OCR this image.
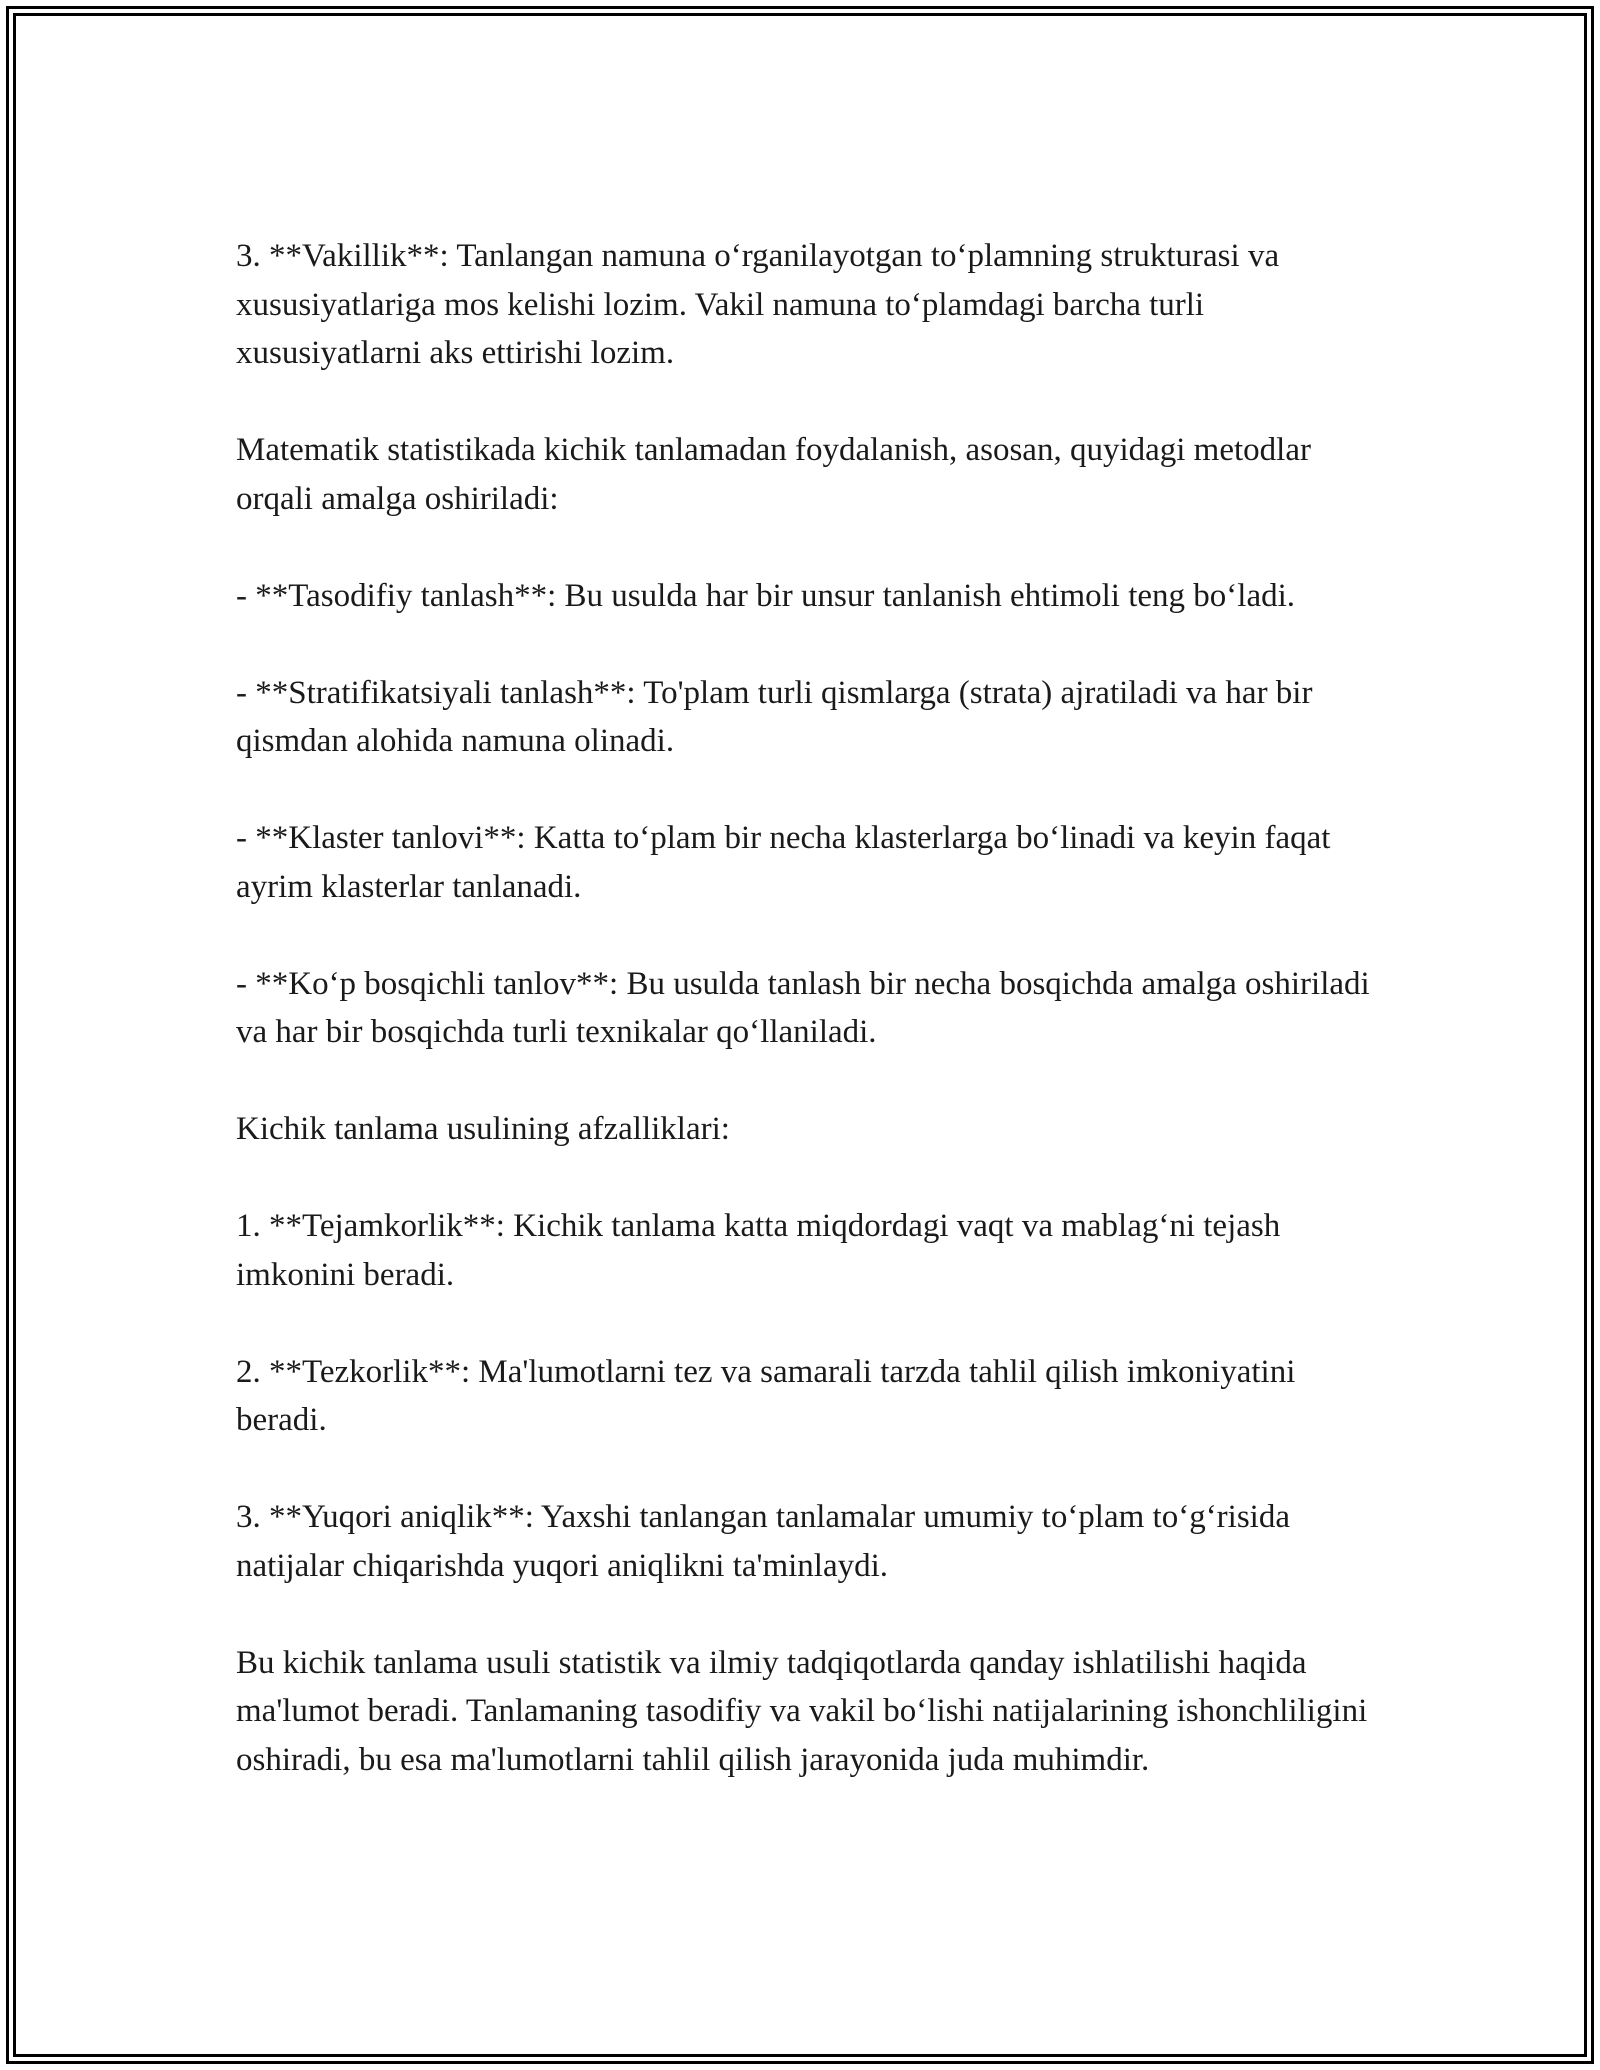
3. **Vakillik**: Tanlangan namuna o‘rganilayotgan to‘plamning strukturasi va xususiyatlariga mos kelishi lozim. Vakil namuna to‘plamdagi barcha turli xususiyatlarni aks ettirishi lozim.

Matematik statistikada kichik tanlamadan foydalanish, asosan, quyidagi metodlar orqali amalga oshiriladi:

- **Tasodifiy tanlash**: Bu usulda har bir unsur tanlanish ehtimoli teng bo‘ladi.

- **Stratifikatsiyali tanlash**: To'plam turli qismlarga (strata) ajratiladi va har bir qismdan alohida namuna olinadi.

- **Klaster tanlovi**: Katta to‘plam bir necha klasterlarga bo‘linadi va keyin faqat ayrim klasterlar tanlanadi.

- **Ko‘p bosqichli tanlov**: Bu usulda tanlash bir necha bosqichda amalga oshiriladi va har bir bosqichda turli texnikalar qo‘llaniladi.

Kichik tanlama usulining afzalliklari:

1. **Tejamkorlik**: Kichik tanlama katta miqdordagi vaqt va mablag‘ni tejash imkonini beradi.

2. **Tezkorlik**: Ma'lumotlarni tez va samarali tarzda tahlil qilish imkoniyatini beradi.

3. **Yuqori aniqlik**: Yaxshi tanlangan tanlamalar umumiy to‘plam to‘g‘risida natijalar chiqarishda yuqori aniqlikni ta'minlaydi.

Bu kichik tanlama usuli statistik va ilmiy tadqiqotlarda qanday ishlatilishi haqida ma'lumot beradi. Tanlamaning tasodifiy va vakil bo‘lishi natijalarining ishonchliligini oshiradi, bu esa ma'lumotlarni tahlil qilish jarayonida juda muhimdir.
